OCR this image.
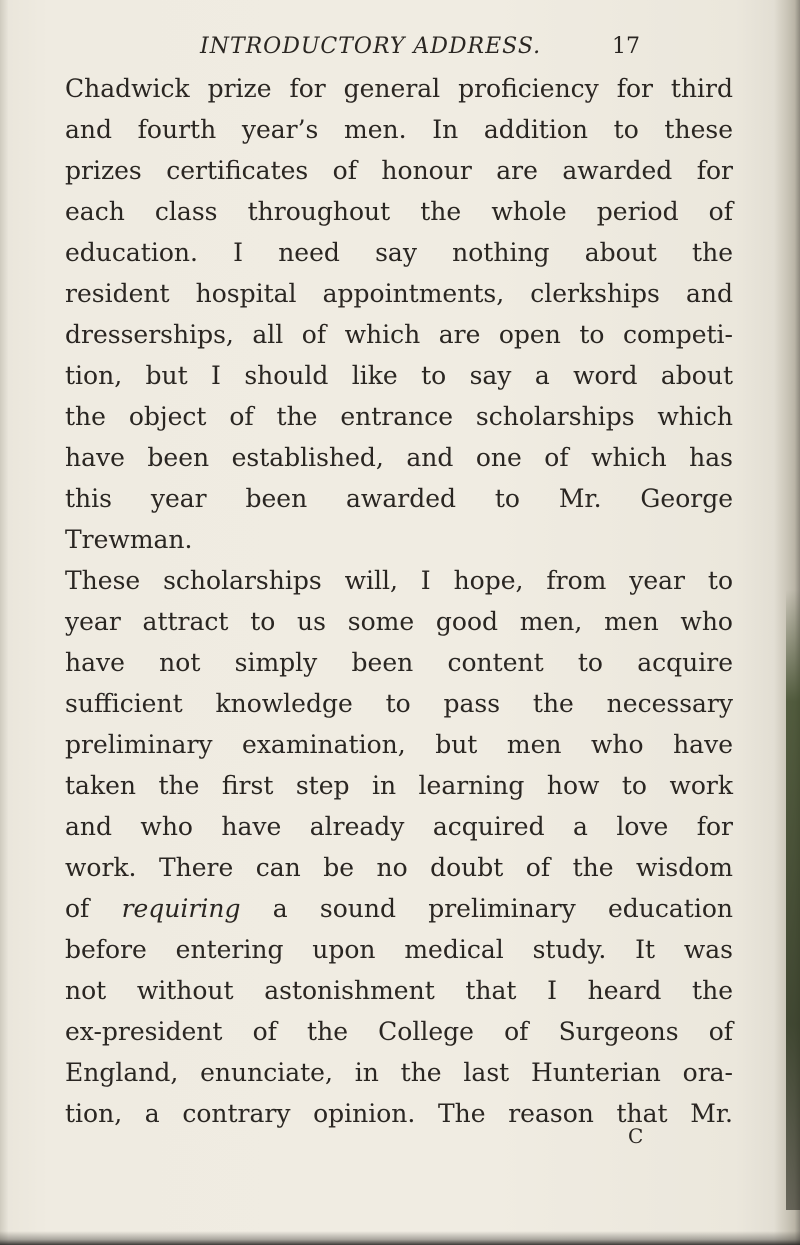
INTRODUCTORY ADDRESS.	17
Chadwick prize for general proficiency for third
and fourth year’s men. In addition to these
prizes certificates of honour are awarded for
each class throughout the whole period of
education. I need say nothing about the
resident hospital appointments, clerkships and
dresserships, all of which are open to competi-
tion, but I should like to say a word about
the object of the entrance scholarships which
have been established, and one of which has
this year been awarded to Mr. George
Trewman.
These scholarships will, I hope, from year to
year attract to us some good men, men who
have not simply been content to acquire
sufficient knowledge to pass the necessary
preliminary examination, but men who have
taken the first step in learning how to work
and who have already acquired a love for
work. There can be no doubt of the wisdom
of requiring a sound preliminary education
before entering upon medical study. It was
not without astonishment that I heard the
ex-president of the College of Surgeons of
England, enunciate, in the last Hunterian ora-
tion, a contrary opinion. The reason that Mr.
C
